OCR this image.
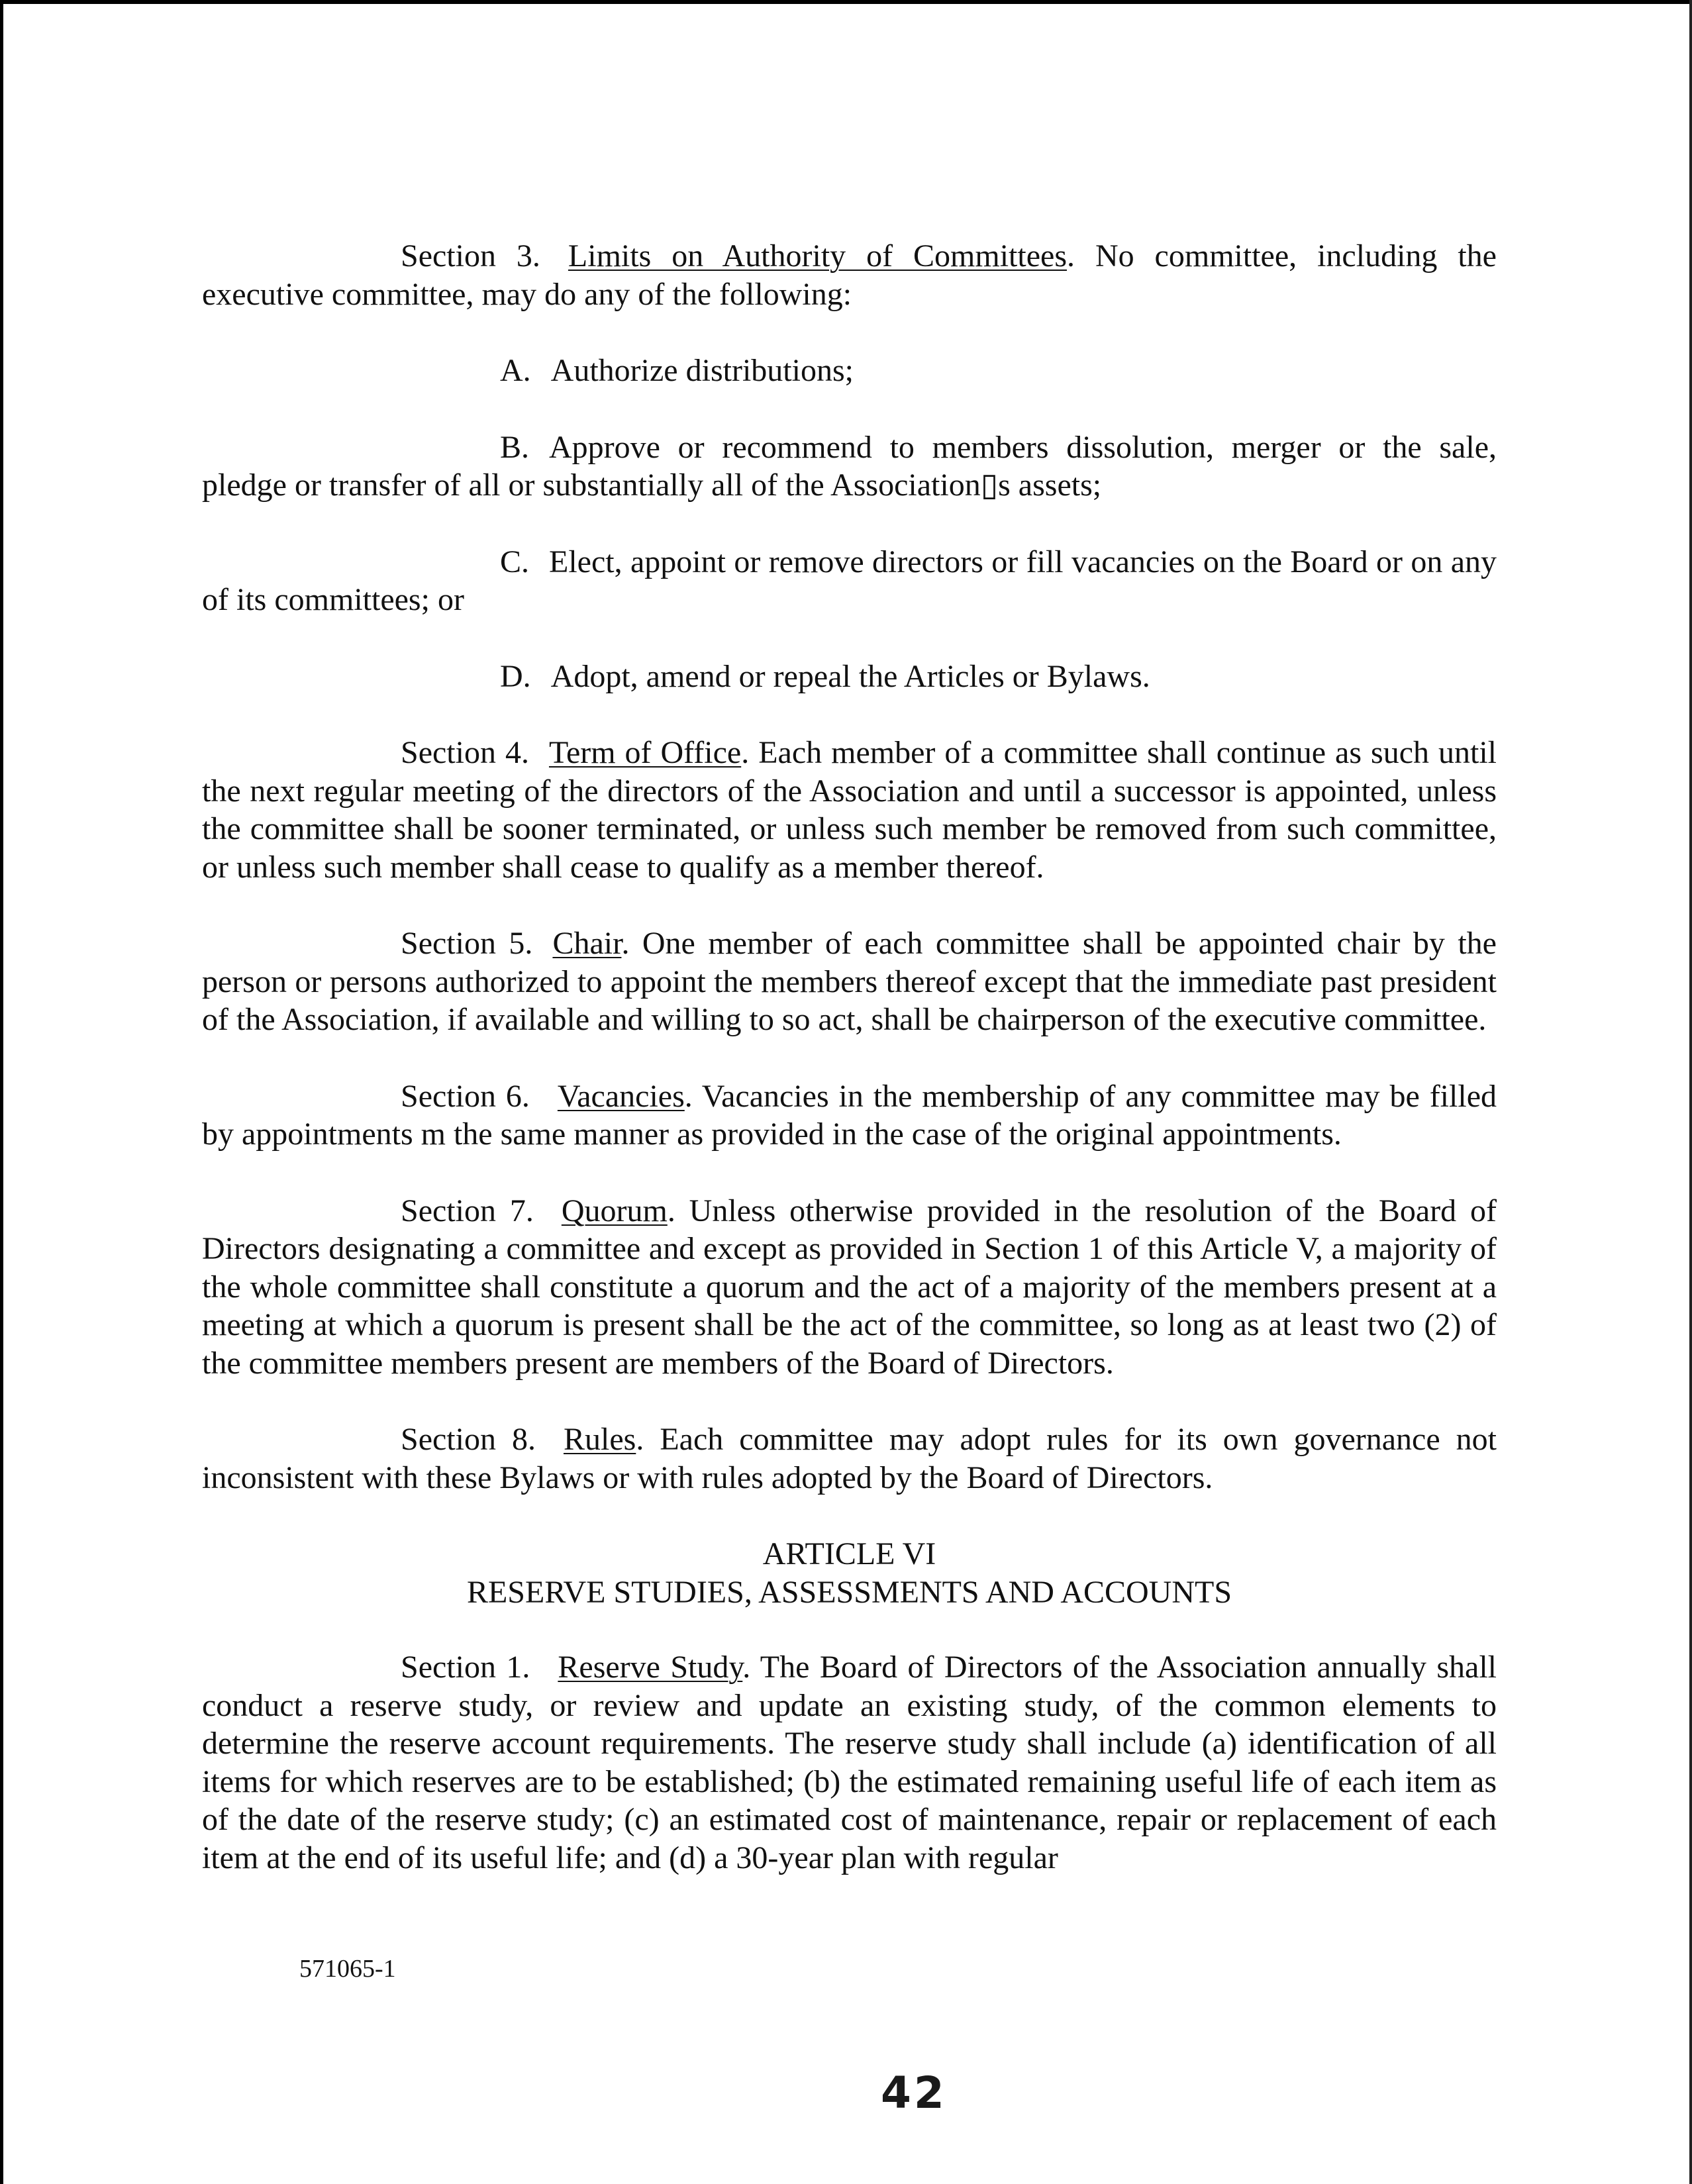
Section 3. Limits on Authority of Committees. No committee, including the executive committee, may do any of the following:

A. Authorize distributions;

B. Approve or recommend to members dissolution, merger or the sale, pledge or transfer of all or substantially all of the Association▯s assets;

C. Elect, appoint or remove directors or fill vacancies on the Board or on any of its committees; or

D. Adopt, amend or repeal the Articles or Bylaws.

Section 4. Term of Office. Each member of a committee shall continue as such until the next regular meeting of the directors of the Association and until a successor is appointed, unless the committee shall be sooner terminated, or unless such member be removed from such committee, or unless such member shall cease to qualify as a member thereof.

Section 5. Chair. One member of each committee shall be appointed chair by the person or persons authorized to appoint the members thereof except that the immediate past president of the Association, if available and willing to so act, shall be chairperson of the executive committee.

Section 6. Vacancies. Vacancies in the membership of any committee may be filled by appointments m the same manner as provided in the case of the original appointments.

Section 7. Quorum. Unless otherwise provided in the resolution of the Board of Directors designating a committee and except as provided in Section 1 of this Article V, a majority of the whole committee shall constitute a quorum and the act of a majority of the members present at a meeting at which a quorum is present shall be the act of the committee, so long as at least two (2) of the committee members present are members of the Board of Directors.

Section 8. Rules. Each committee may adopt rules for its own governance not inconsistent with these Bylaws or with rules adopted by the Board of Directors.

ARTICLE VI

RESERVE STUDIES, ASSESSMENTS AND ACCOUNTS

Section 1. Reserve Study. The Board of Directors of the Association annually shall conduct a reserve study, or review and update an existing study, of the common elements to determine the reserve account requirements. The reserve study shall include (a) identification of all items for which reserves are to be established; (b) the estimated remaining useful life of each item as of the date of the reserve study; (c) an estimated cost of maintenance, repair or replacement of each item at the end of its useful life; and (d) a 30-year plan with regular

571065-1
42
